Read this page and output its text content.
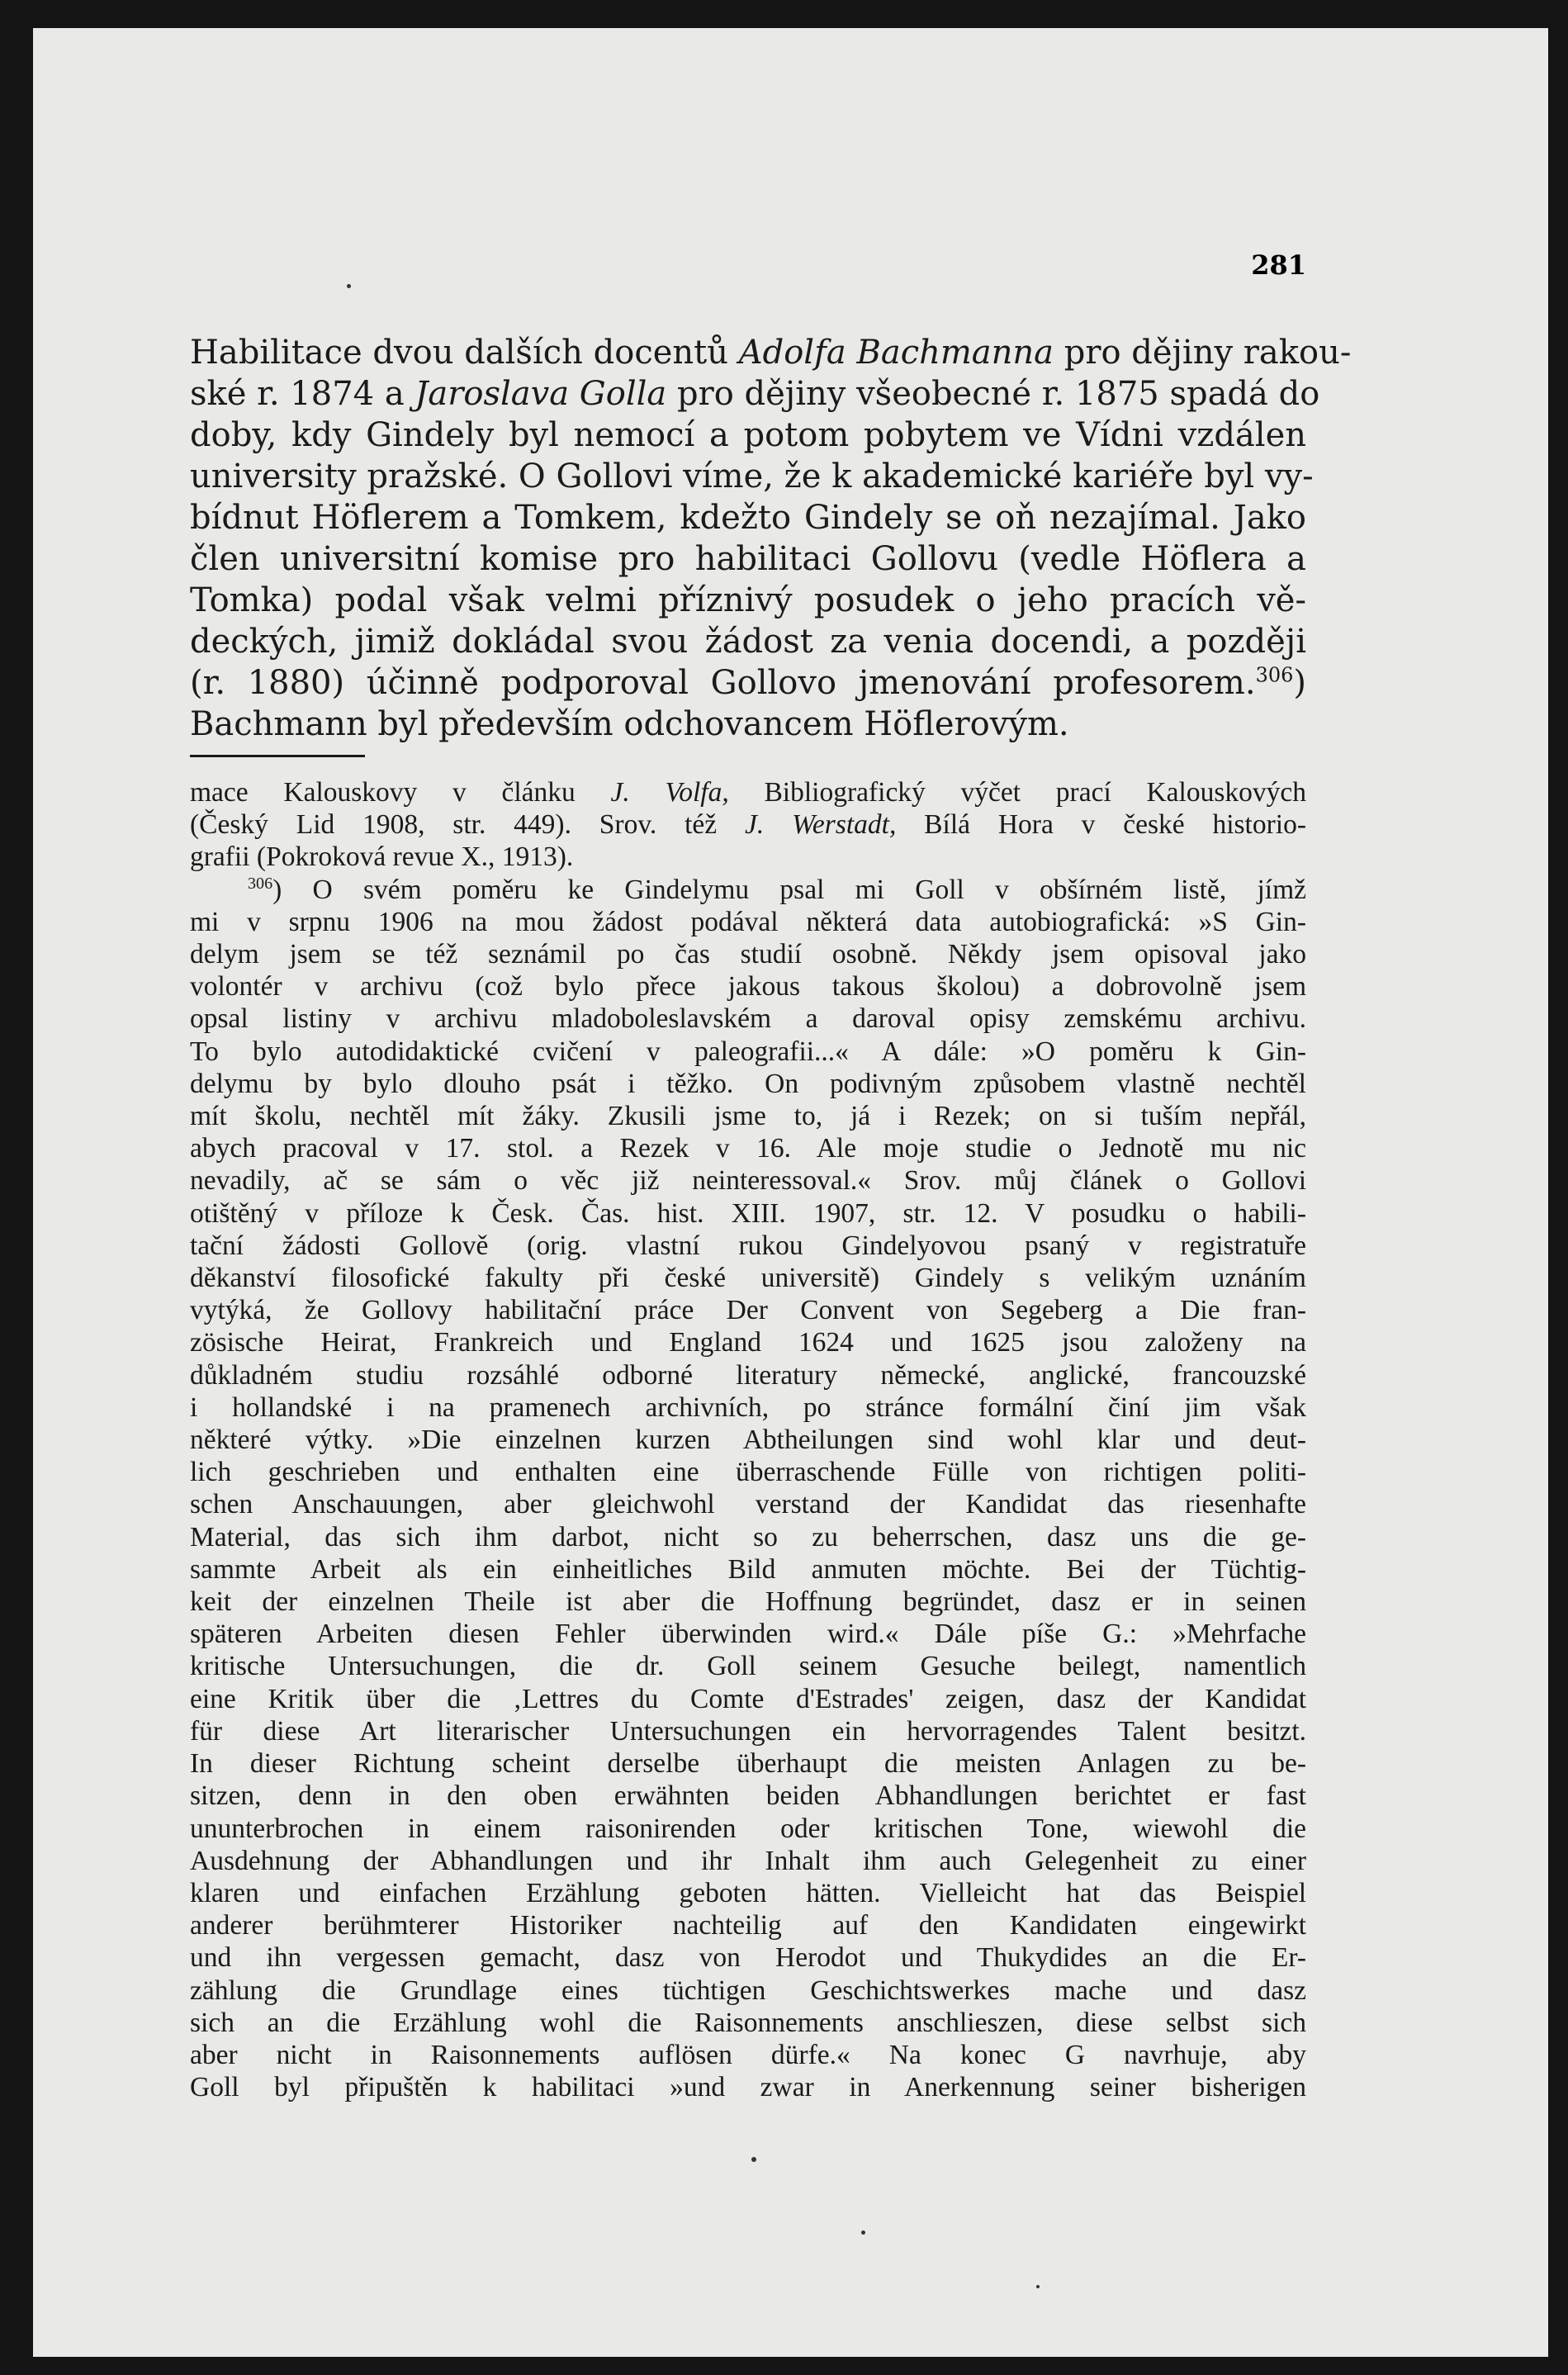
281
Habilitace dvou dalších docentů Adolfa Bachmanna pro dějiny rakou-
ské r. 1874 a Jaroslava Golla pro dějiny všeobecné r. 1875 spadá do
doby, kdy Gindely byl nemocí a potom pobytem ve Vídni vzdálen
university pražské. O Gollovi víme, že k akademické kariéře byl vy-
bídnut Höflerem a Tomkem, kdežto Gindely se oň nezajímal. Jako
člen universitní komise pro habilitaci Gollovu (vedle Höflera a
Tomka) podal však velmi příznivý posudek o jeho pracích vě-
deckých, jimiž dokládal svou žádost za venia docendi, a později
(r. 1880) účinně podporoval Gollovo jmenování profesorem.$^{306}$)
Bachmann byl především odchovancem Höflerovým.
mace Kalouskovy v článku J. Volfa, Bibliografický výčet prací Kalouskových
(Český Lid 1908, str. 449). Srov. též J. Werstadt, Bílá Hora v české historio-
grafii (Pokroková revue X., 1913).
$^{306}$) O svém poměru ke Gindelymu psal mi Goll v obšírném listě, jímž
mi v srpnu 1906 na mou žádost podával některá data autobiografická: »S Gin-
delym jsem se též seznámil po čas studií osobně. Někdy jsem opisoval jako
volontér v archivu (což bylo přece jakous takous školou) a dobrovolně jsem
opsal listiny v archivu mladoboleslavském a daroval opisy zemskému archivu.
To bylo autodidaktické cvičení v paleografii...« A dále: »O poměru k Gin-
delymu by bylo dlouho psát i těžko. On podivným způsobem vlastně nechtěl
mít školu, nechtěl mít žáky. Zkusili jsme to, já i Rezek; on si tuším nepřál,
abych pracoval v 17. stol. a Rezek v 16. Ale moje studie o Jednotě mu nic
nevadily, ač se sám o věc již neinteressoval.« Srov. můj článek o Gollovi
otištěný v příloze k Česk. Čas. hist. XIII. 1907, str. 12. V posudku o habili-
tační žádosti Gollově (orig. vlastní rukou Gindelyovou psaný v registratuře
děkanství filosofické fakulty při české universitě) Gindely s velikým uznáním
vytýká, že Gollovy habilitační práce Der Convent von Segeberg a Die fran-
zösische Heirat, Frankreich und England 1624 und 1625 jsou založeny na
důkladném studiu rozsáhlé odborné literatury německé, anglické, francouzské
i hollandské i na pramenech archivních, po stránce formální činí jim však
některé výtky. »Die einzelnen kurzen Abtheilungen sind wohl klar und deut-
lich geschrieben und enthalten eine überraschende Fülle von richtigen politi-
schen Anschauungen, aber gleichwohl verstand der Kandidat das riesenhafte
Material, das sich ihm darbot, nicht so zu beherrschen, dasz uns die ge-
sammte Arbeit als ein einheitliches Bild anmuten möchte. Bei der Tüchtig-
keit der einzelnen Theile ist aber die Hoffnung begründet, dasz er in seinen
späteren Arbeiten diesen Fehler überwinden wird.« Dále píše G.: »Mehrfache
kritische Untersuchungen, die dr. Goll seinem Gesuche beilegt, namentlich
eine Kritik über die ‚Lettres du Comte d'Estrades' zeigen, dasz der Kandidat
für diese Art literarischer Untersuchungen ein hervorragendes Talent besitzt.
In dieser Richtung scheint derselbe überhaupt die meisten Anlagen zu be-
sitzen, denn in den oben erwähnten beiden Abhandlungen berichtet er fast
ununterbrochen in einem raisonirenden oder kritischen Tone, wiewohl die
Ausdehnung der Abhandlungen und ihr Inhalt ihm auch Gelegenheit zu einer
klaren und einfachen Erzählung geboten hätten. Vielleicht hat das Beispiel
anderer berühmterer Historiker nachteilig auf den Kandidaten eingewirkt
und ihn vergessen gemacht, dasz von Herodot und Thukydides an die Er-
zählung die Grundlage eines tüchtigen Geschichtswerkes mache und dasz
sich an die Erzählung wohl die Raisonnements anschlieszen, diese selbst sich
aber nicht in Raisonnements auflösen dürfe.« Na konec G navrhuje, aby
Goll byl připuštěn k habilitaci »und zwar in Anerkennung seiner bisherigen
